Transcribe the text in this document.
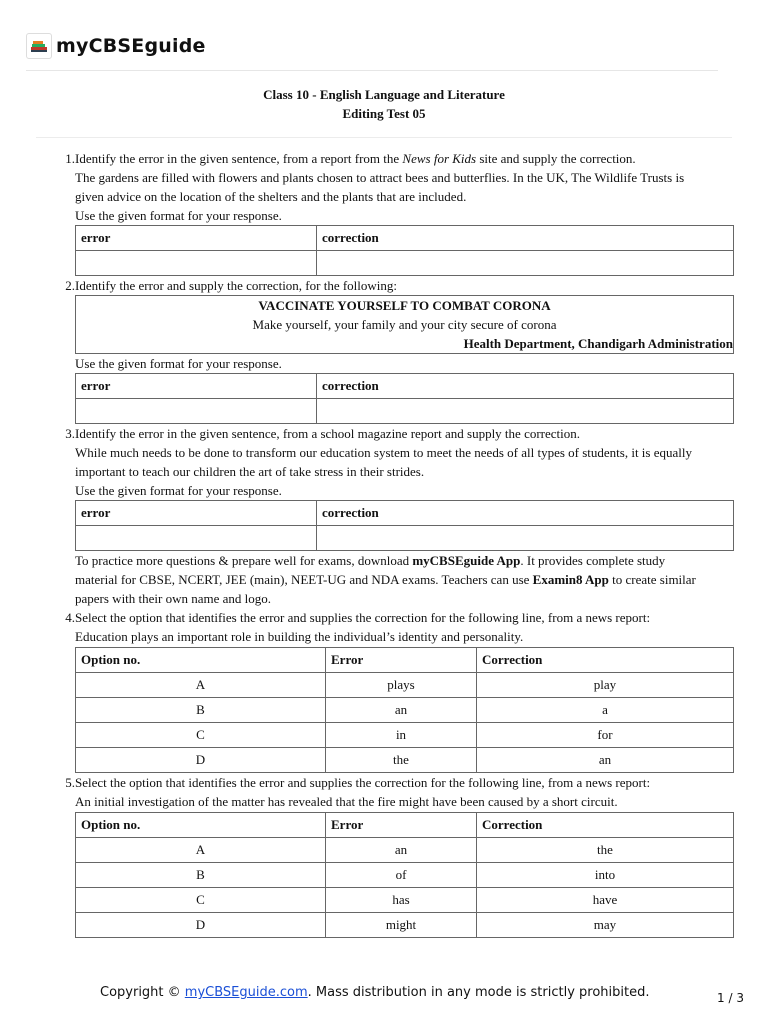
myCBSEguide
Class 10 - English Language and Literature
Editing Test 05

1. Identify the error in the given sentence, from a report from the News for Kids site and supply the correction.

The gardens are filled with flowers and plants chosen to attract bees and butterflies. In the UK, The Wildlife Trusts is

given advice on the location of the shelters and the plants that are included.

Use the given format for your response.

error	correction

2. Identify the error and supply the correction, for the following:

VACCINATE YOURSELF TO COMBAT CORONA

Make yourself, your family and your city secure of corona

Health Department, Chandigarh Administration

Use the given format for your response.

error	correction

3. Identify the error in the given sentence, from a school magazine report and supply the correction.

While much needs to be done to transform our education system to meet the needs of all types of students, it is equally

important to teach our children the art of take stress in their strides.

Use the given format for your response.

error	correction

To practice more questions & prepare well for exams, download myCBSEguide App. It provides complete study

material for CBSE, NCERT, JEE (main), NEET-UG and NDA exams. Teachers can use Examin8 App to create similar

papers with their own name and logo.

4. Select the option that identifies the error and supplies the correction for the following line, from a news report:

Education plays an important role in building the individual’s identity and personality.

Option no.	Error	Correction
A	plays	play
B	an	a
C	in	for
D	the	an

5. Select the option that identifies the error and supplies the correction for the following line, from a news report:

An initial investigation of the matter has revealed that the fire might have been caused by a short circuit.

Option no.	Error	Correction
A	an	the
B	of	into
C	has	have
D	might	may
Copyright © myCBSEguide.com. Mass distribution in any mode is strictly prohibited.	1 / 3
